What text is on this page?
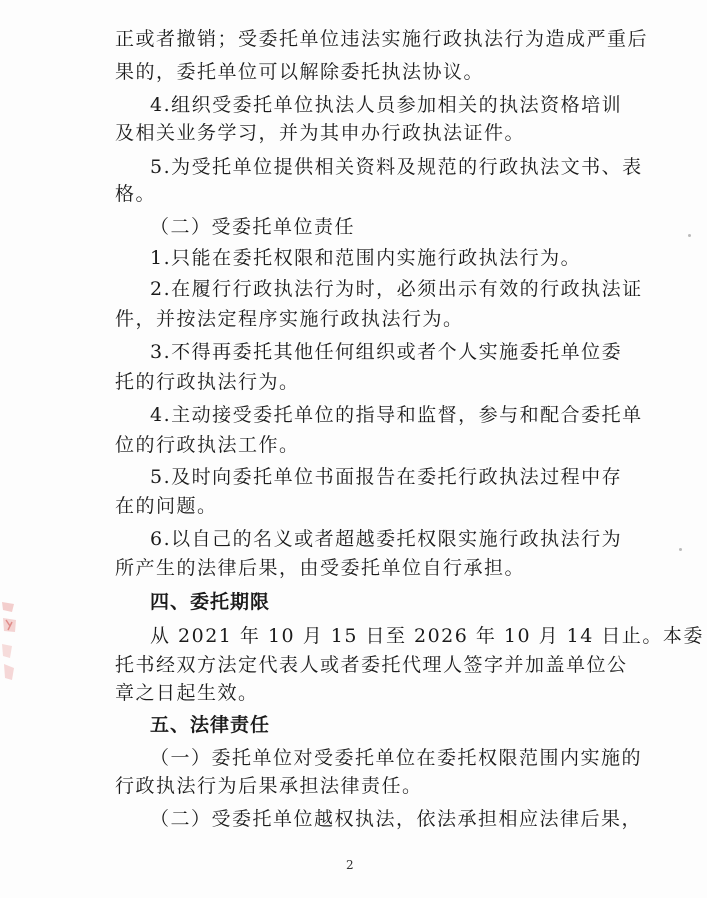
正或者撤销；受委托单位违法实施行政执法行为造成严重后
果的，委托单位可以解除委托执法协议。
4.组织受委托单位执法人员参加相关的执法资格培训
及相关业务学习，并为其申办行政执法证件。
5.为受托单位提供相关资料及规范的行政执法文书、表
格。
（二）受委托单位责任
1.只能在委托权限和范围内实施行政执法行为。
2.在履行行政执法行为时，必须出示有效的行政执法证
件，并按法定程序实施行政执法行为。
3.不得再委托其他任何组织或者个人实施委托单位委
托的行政执法行为。
4.主动接受委托单位的指导和监督，参与和配合委托单
位的行政执法工作。
5.及时向委托单位书面报告在委托行政执法过程中存
在的问题。
6.以自己的名义或者超越委托权限实施行政执法行为
所产生的法律后果，由受委托单位自行承担。
四、委托期限
从 2021 年 10 月 15 日至 2026 年 10 月 14 日止。本委
托书经双方法定代表人或者委托代理人签字并加盖单位公
章之日起生效。
五、法律责任
（一）委托单位对受委托单位在委托权限范围内实施的
行政执法行为后果承担法律责任。
（二）受委托单位越权执法，依法承担相应法律后果，
2
